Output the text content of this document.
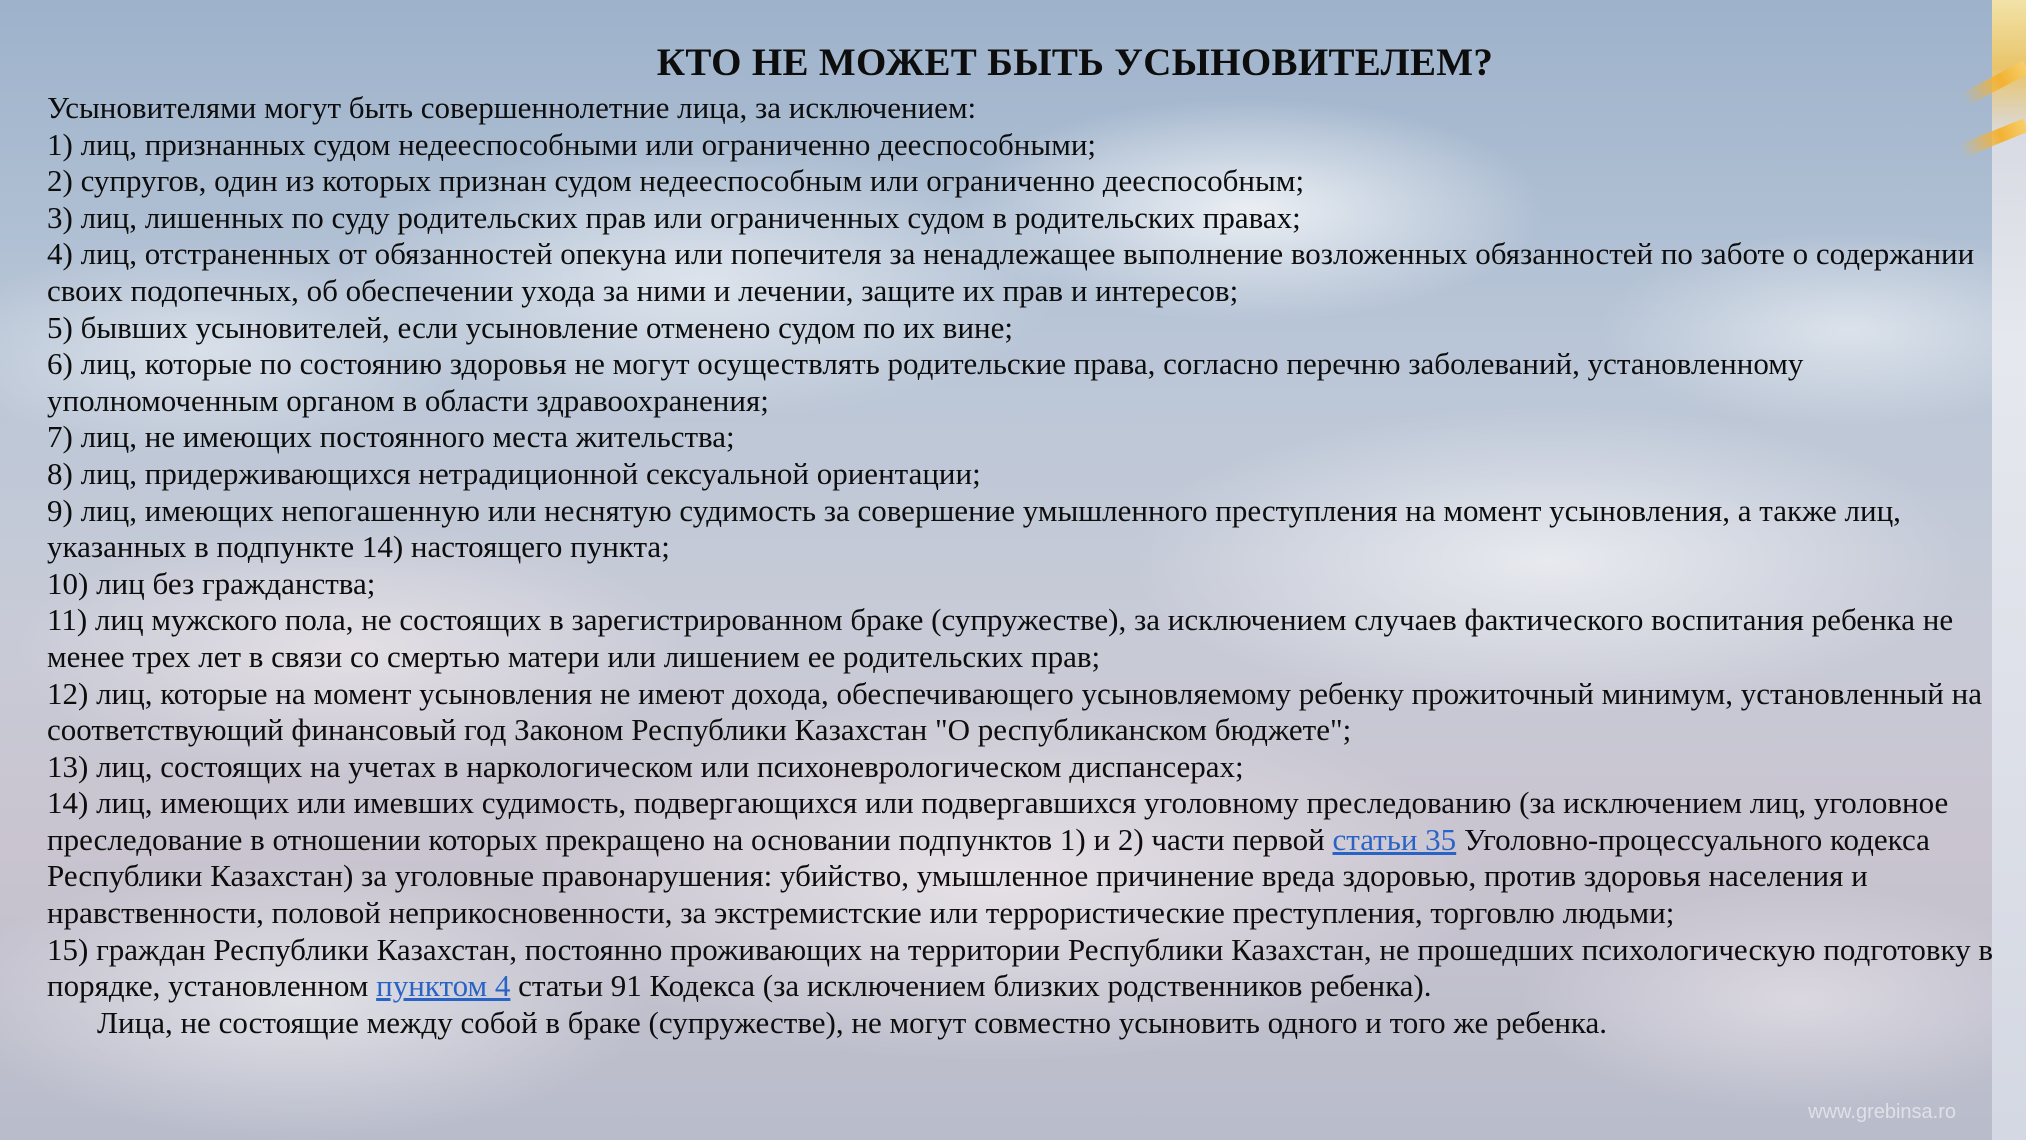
КТО НЕ МОЖЕТ БЫТЬ УСЫНОВИТЕЛЕМ?

Усыновителями могут быть совершеннолетние лица, за исключением:

1) лиц, признанных судом недееспособными или ограниченно дееспособными;

2) супругов, один из которых признан судом недееспособным или ограниченно дееспособным;

3) лиц, лишенных по суду родительских прав или ограниченных судом в родительских правах;

4) лиц, отстраненных от обязанностей опекуна или попечителя за ненадлежащее выполнение возложенных обязанностей по заботе о содержании своих подопечных, об обеспечении ухода за ними и лечении, защите их прав и интересов;

5) бывших усыновителей, если усыновление отменено судом по их вине;

6) лиц, которые по состоянию здоровья не могут осуществлять родительские права, согласно перечню заболеваний, установленному уполномоченным органом в области здравоохранения;

7) лиц, не имеющих постоянного места жительства;

8) лиц, придерживающихся нетрадиционной сексуальной ориентации;

9) лиц, имеющих непогашенную или неснятую судимость за совершение умышленного преступления на момент усыновления, а также лиц, указанных в подпункте 14) настоящего пункта;

10) лиц без гражданства;

11) лиц мужского пола, не состоящих в зарегистрированном браке (супружестве), за исключением случаев фактического воспитания ребенка не менее трех лет в связи со смертью матери или лишением ее родительских прав;

12) лиц, которые на момент усыновления не имеют дохода, обеспечивающего усыновляемому ребенку прожиточный минимум, установленный на соответствующий финансовый год Законом Республики Казахстан "О республиканском бюджете";

13) лиц, состоящих на учетах в наркологическом или психоневрологическом диспансерах;

14) лиц, имеющих или имевших судимость, подвергающихся или подвергавшихся уголовному преследованию (за исключением лиц, уголовное преследование в отношении которых прекращено на основании подпунктов 1) и 2) части первой статьи 35 Уголовно-процессуального кодекса Республики Казахстан) за уголовные правонарушения: убийство, умышленное причинение вреда здоровью, против здоровья населения и нравственности, половой неприкосновенности, за экстремистские или террористические преступления, торговлю людьми;

15) граждан Республики Казахстан, постоянно проживающих на территории Республики Казахстан, не прошедших психологическую подготовку в порядке, установленном пунктом 4 статьи 91 Кодекса (за исключением близких родственников ребенка).

Лица, не состоящие между собой в браке (супружестве), не могут совместно усыновить одного и того же ребенка.

www.grebinsa.ro
